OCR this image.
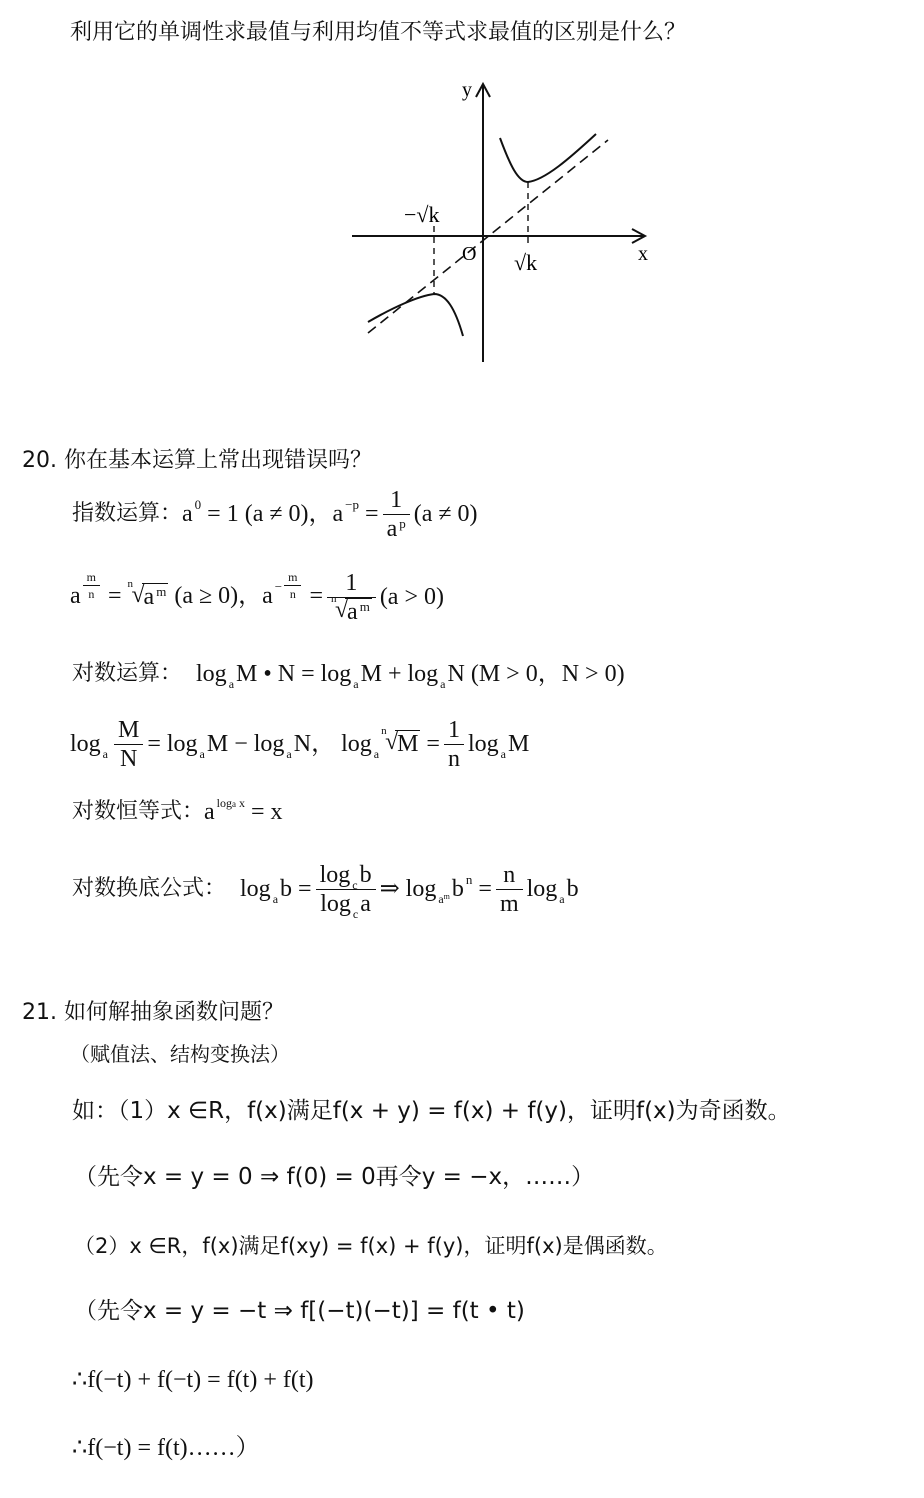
利用它的单调性求最值与利用均值不等式求最值的区别是什么？
y
x
O
−√k
√k
20. 你在基本运算上常出现错误吗？
指数运算： a $^0$ = 1 (a ≠ 0)，a $^{-p} = \frac{1}{a ^p} (a \ne 0)$
a $\frac{m}{n} = n$
√
a $^m$ (a ≥ 0)，a $^- \frac{m}{n} = 1$
n
√
a $^m$ (a > 0)
对数运算： log $_a$M • N = log $_a$M + log $_a$N (M > 0，N > 0)
$\log _a \frac{M}{N} = \log _aM - \log _aN$， log $_a$
n
√
$M = \frac{1}{n}$ log $_a$M
对数恒等式： a $^{loga x}$ = x
对数换底公式： $\log _ab = \frac{\log _cb}{\log _ca}$ ⇒ log $_{a^m}$b $^n = \frac{n}{m}$ log $_a$b
21. 如何解抽象函数问题？
（赋值法、结构变换法）
如：（1）x ∈R，f(x)满足f(x + y) = f(x) + f(y)，证明f(x)为奇函数。
（先令x = y = 0 ⇒ f(0) = 0再令y = −x，……）
（2）x ∈R，f(x)满足f(xy) = f(x) + f(y)，证明f(x)是偶函数。
（先令x = y = −t ⇒ f[(−t)(−t)] = f(t • t)
∴f(−t) + f(−t) = f(t) + f(t)
∴f(−t) = f(t)……）
